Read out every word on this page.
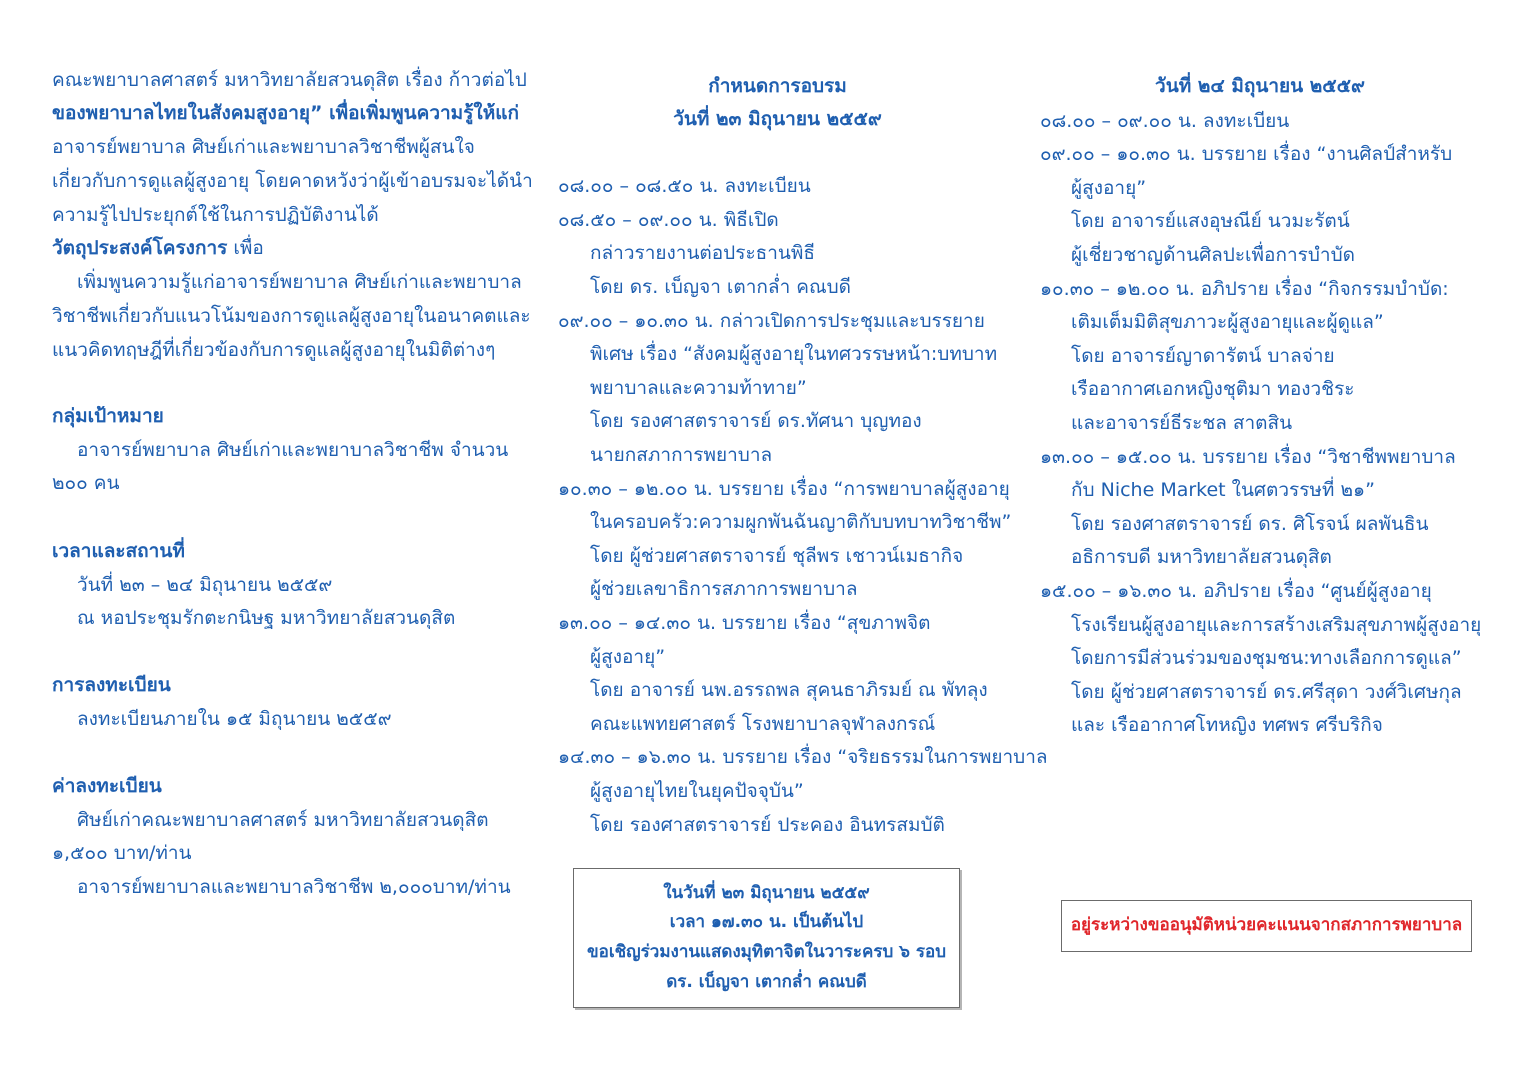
คณะพยาบาลศาสตร์ มหาวิทยาลัยสวนดุสิต เรื่อง ก้าวต่อไป
ของพยาบาลไทยในสังคมสูงอายุ” เพื่อเพิ่มพูนความรู้ให้แก่
อาจารย์พยาบาล ศิษย์เก่าและพยาบาลวิชาชีพผู้สนใจ
เกี่ยวกับการดูแลผู้สูงอายุ โดยคาดหวังว่าผู้เข้าอบรมจะได้นำ
ความรู้ไปประยุกต์ใช้ในการปฏิบัติงานได้
วัตถุประสงค์โครงการ เพื่อ
เพิ่มพูนความรู้แก่อาจารย์พยาบาล ศิษย์เก่าและพยาบาล
วิชาชีพเกี่ยวกับแนวโน้มของการดูแลผู้สูงอายุในอนาคตและ
แนวคิดทฤษฎีที่เกี่ยวข้องกับการดูแลผู้สูงอายุในมิติต่างๆ
กลุ่มเป้าหมาย
อาจารย์พยาบาล ศิษย์เก่าและพยาบาลวิชาชีพ จำนวน
๒๐๐ คน
เวลาและสถานที่
วันที่ ๒๓ – ๒๔ มิถุนายน ๒๕๕๙
ณ หอประชุมรักตะกนิษฐ มหาวิทยาลัยสวนดุสิต
การลงทะเบียน
ลงทะเบียนภายใน ๑๕ มิถุนายน ๒๕๕๙
ค่าลงทะเบียน
ศิษย์เก่าคณะพยาบาลศาสตร์ มหาวิทยาลัยสวนดุสิต
๑,๕๐๐ บาท/ท่าน
อาจารย์พยาบาลและพยาบาลวิชาชีพ ๒,๐๐๐บาท/ท่าน
กำหนดการอบรม
วันที่ ๒๓ มิถุนายน ๒๕๕๙
๐๘.๐๐ – ๐๘.๕๐ น. ลงทะเบียน
๐๘.๕๐ – ๐๙.๐๐ น. พิธีเปิด
กล่าวรายงานต่อประธานพิธี
โดย ดร. เบ็ญจา เตากล่ำ คณบดี
๐๙.๐๐ – ๑๐.๓๐ น. กล่าวเปิดการประชุมและบรรยาย
พิเศษ เรื่อง “สังคมผู้สูงอายุในทศวรรษหน้า:บทบาท
พยาบาลและความท้าทาย”
โดย รองศาสตราจารย์ ดร.ทัศนา บุญทอง
นายกสภาการพยาบาล
๑๐.๓๐ – ๑๒.๐๐ น. บรรยาย เรื่อง “การพยาบาลผู้สูงอายุ
ในครอบครัว:ความผูกพันฉันญาติกับบทบาทวิชาชีพ”
โดย ผู้ช่วยศาสตราจารย์ ชุลีพร เชาวน์เมธากิจ
ผู้ช่วยเลขาธิการสภาการพยาบาล
๑๓.๐๐ – ๑๔.๓๐ น. บรรยาย เรื่อง “สุขภาพจิต
ผู้สูงอายุ”
โดย อาจารย์ นพ.อรรถพล สุคนธาภิรมย์ ณ พัทลุง
คณะแพทยศาสตร์ โรงพยาบาลจุฬาลงกรณ์
๑๔.๓๐ – ๑๖.๓๐ น. บรรยาย เรื่อง “จริยธรรมในการพยาบาล
ผู้สูงอายุไทยในยุคปัจจุบัน”
โดย รองศาสตราจารย์ ประคอง อินทรสมบัติ
ในวันที่ ๒๓ มิถุนายน ๒๕๕๙
เวลา ๑๗.๓๐ น. เป็นต้นไป
ขอเชิญร่วมงานแสดงมุทิตาจิตในวาระครบ ๖ รอบ
ดร. เบ็ญจา เตากล่ำ คณบดี
วันที่ ๒๔ มิถุนายน ๒๕๕๙
๐๘.๐๐ – ๐๙.๐๐ น. ลงทะเบียน
๐๙.๐๐ – ๑๐.๓๐ น. บรรยาย เรื่อง “งานศิลป์สำหรับ
ผู้สูงอายุ”
โดย อาจารย์แสงอุษณีย์ นวมะรัตน์
ผู้เชี่ยวชาญด้านศิลปะเพื่อการบำบัด
๑๐.๓๐ – ๑๒.๐๐ น. อภิปราย เรื่อง “กิจกรรมบำบัด:
เติมเต็มมิติสุขภาวะผู้สูงอายุและผู้ดูแล”
โดย อาจารย์ญาดารัตน์ บาลจ่าย
เรืออากาศเอกหญิงชุติมา ทองวชิระ
และอาจารย์ธีระชล สาตสิน
๑๓.๐๐ – ๑๕.๐๐ น. บรรยาย เรื่อง “วิชาชีพพยาบาล
กับ Niche Market ในศตวรรษที่ ๒๑”
โดย รองศาสตราจารย์ ดร. ศิโรจน์ ผลพันธิน
อธิการบดี มหาวิทยาลัยสวนดุสิต
๑๕.๐๐ – ๑๖.๓๐ น. อภิปราย เรื่อง “ศูนย์ผู้สูงอายุ
โรงเรียนผู้สูงอายุและการสร้างเสริมสุขภาพผู้สูงอายุ
โดยการมีส่วนร่วมของชุมชน:ทางเลือกการดูแล”
โดย ผู้ช่วยศาสตราจารย์ ดร.ศรีสุดา วงศ์วิเศษกุล
และ เรืออากาศโทหญิง ทศพร ศรีบริกิจ
อยู่ระหว่างขออนุมัติหน่วยคะแนนจากสภาการพยาบาล
